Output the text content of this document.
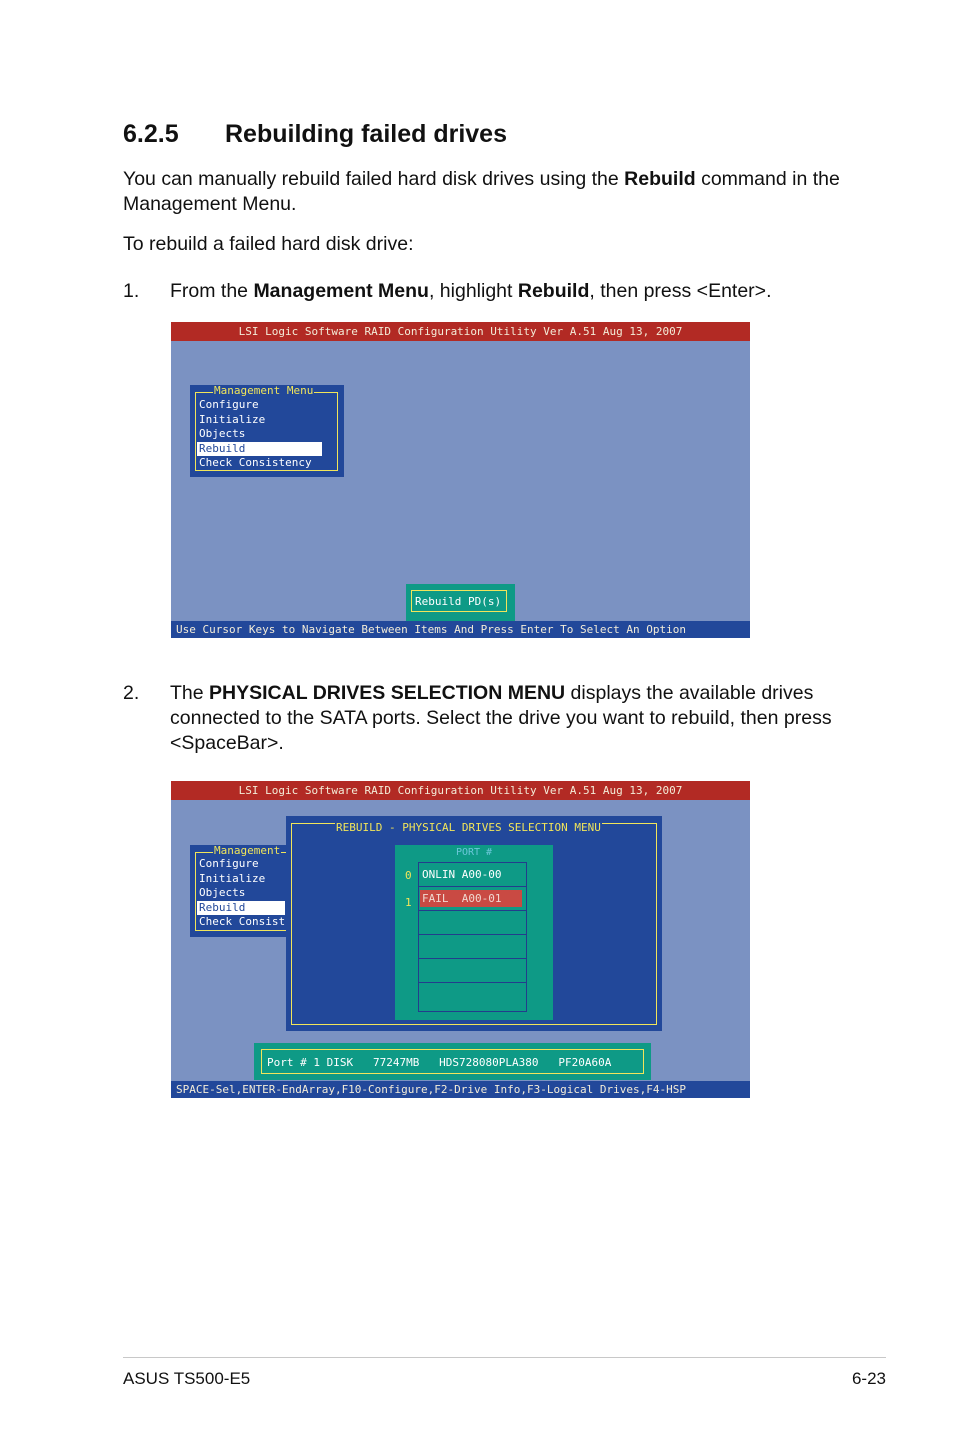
6.2.5 Rebuilding failed drives
You can manually rebuild failed hard disk drives using the Rebuild command in the Management Menu.
To rebuild a failed hard disk drive:
1. From the Management Menu, highlight Rebuild, then press <Enter>.
LSI Logic Software RAID Configuration Utility Ver A.51 Aug 13, 2007
Management Menu
Configure
Initialize
Objects
Rebuild
Check Consistency
Rebuild PD(s)
Use Cursor Keys to Navigate Between Items And Press Enter To Select An Option
2. The PHYSICAL DRIVES SELECTION MENU displays the available drives connected to the SATA ports. Select the drive you want to rebuild, then press <SpaceBar>.
LSI Logic Software RAID Configuration Utility Ver A.51 Aug 13, 2007
Management
Configure
Initialize
Objects
Rebuild
Check Consist
REBUILD - PHYSICAL DRIVES SELECTION MENU
PORT #
0
1
ONLIN A00-00
FAIL  A00-01
Port # 1 DISK   77247MB   HDS728080PLA380   PF20A60A
SPACE-Sel,ENTER-EndArray,F10-Configure,F2-Drive Info,F3-Logical Drives,F4-HSP
ASUS TS500-E5	6-23
